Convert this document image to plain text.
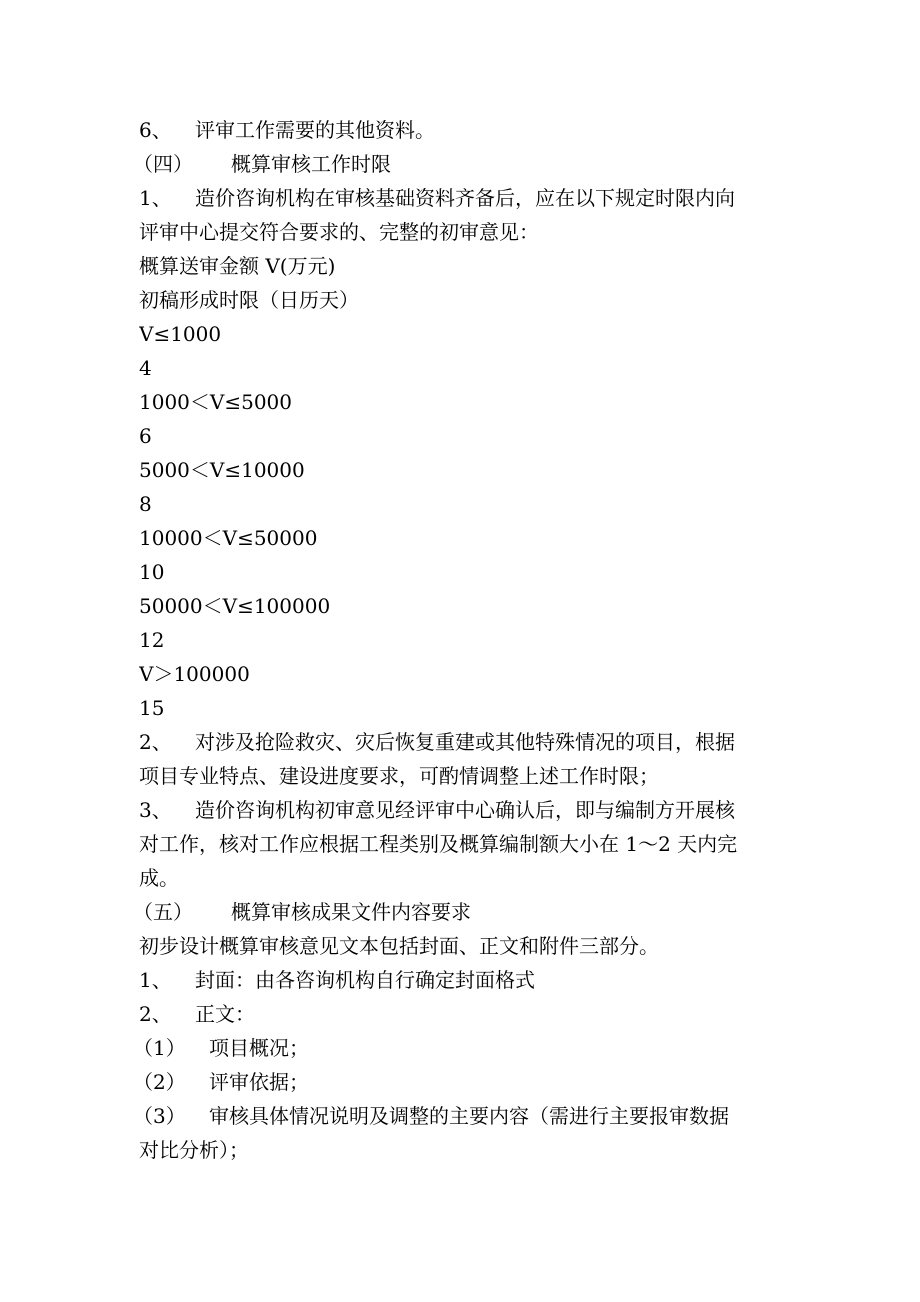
6、 评审工作需要的其他资料。
（四） 概算审核工作时限
1、 造价咨询机构在审核基础资料齐备后，应在以下规定时限内向
评审中心提交符合要求的、完整的初审意见：
概算送审金额 V(万元)
初稿形成时限（日历天）
V≤1000
4
1000＜V≤5000
6
5000＜V≤10000
8
10000＜V≤50000
10
50000＜V≤100000
12
V＞100000
15
2、 对涉及抢险救灾、灾后恢复重建或其他特殊情况的项目，根据
项目专业特点、建设进度要求，可酌情调整上述工作时限；
3、 造价咨询机构初审意见经评审中心确认后，即与编制方开展核
对工作，核对工作应根据工程类别及概算编制额大小在 1～2 天内完
成。
（五） 概算审核成果文件内容要求
初步设计概算审核意见文本包括封面、正文和附件三部分。
1、 封面：由各咨询机构自行确定封面格式
2、 正文：
（1） 项目概况；
（2） 评审依据；
（3） 审核具体情况说明及调整的主要内容（需进行主要报审数据
对比分析）；
